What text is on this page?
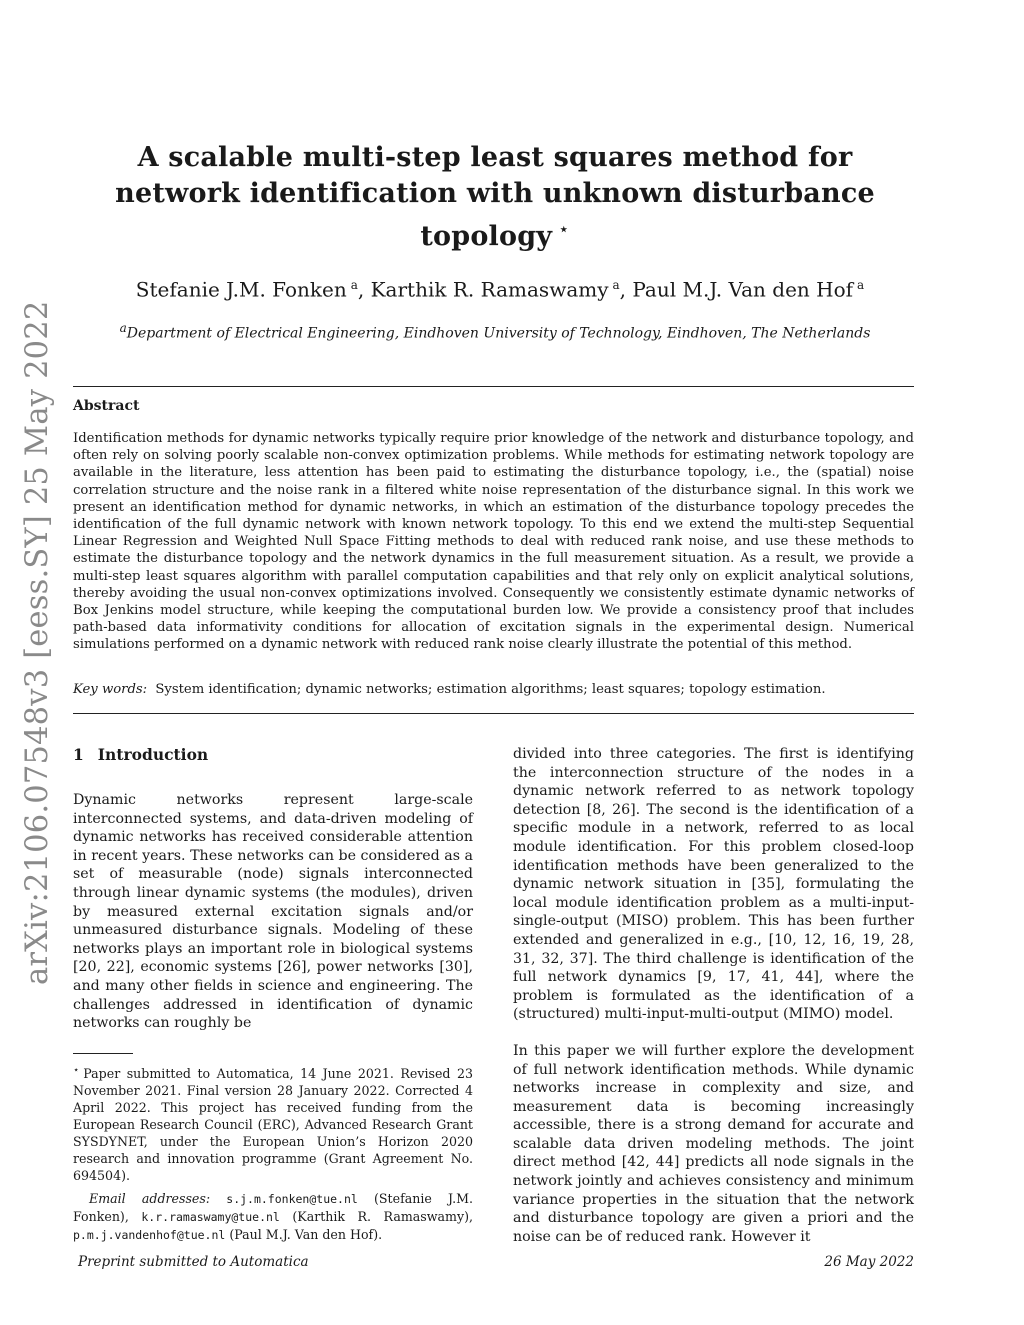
arXiv:2106.07548v3 [eess.SY] 25 May 2022
A scalable multi-step least squares method for network identification with unknown disturbance topology ⋆
Stefanie J.M. Fonken  $^a$, Karthik R. Ramaswamy  $^a$, Paul M.J. Van den Hof  $^a$
aDepartment of Electrical Engineering, Eindhoven University of Technology, Eindhoven, The Netherlands
Abstract

Identification methods for dynamic networks typically require prior knowledge of the network and disturbance topology, and often rely on solving poorly scalable non-convex optimization problems. While methods for estimating network topology are available in the literature, less attention has been paid to estimating the disturbance topology, i.e., the (spatial) noise correlation structure and the noise rank in a filtered white noise representation of the disturbance signal. In this work we present an identification method for dynamic networks, in which an estimation of the disturbance topology precedes the identification of the full dynamic network with known network topology. To this end we extend the multi-step Sequential Linear Regression and Weighted Null Space Fitting methods to deal with reduced rank noise, and use these methods to estimate the disturbance topology and the network dynamics in the full measurement situation. As a result, we provide a multi-step least squares algorithm with parallel computation capabilities and that rely only on explicit analytical solutions, thereby avoiding the usual non-convex optimizations involved. Consequently we consistently estimate dynamic networks of Box Jenkins model structure, while keeping the computational burden low. We provide a consistency proof that includes path-based data informativity conditions for allocation of excitation signals in the experimental design. Numerical simulations performed on a dynamic network with reduced rank noise clearly illustrate the potential of this method.

Key words: System identification; dynamic networks; estimation algorithms; least squares; topology estimation.
1 Introduction

Dynamic networks represent large-scale interconnected systems, and data-driven modeling of dynamic networks has received considerable attention in recent years. These networks can be considered as a set of measurable (node) signals interconnected through linear dynamic systems (the modules), driven by measured external excitation signals and/or unmeasured disturbance signals. Modeling of these networks plays an important role in biological systems [20, 22], economic systems [26], power networks [30], and many other fields in science and engineering. The challenges addressed in identification of dynamic networks can roughly be

⋆ Paper submitted to Automatica, 14 June 2021. Revised 23 November 2021. Final version 28 January 2022. Corrected 4 April 2022. This project has received funding from the European Research Council (ERC), Advanced Research Grant SYSDYNET, under the European Union’s Horizon 2020 research and innovation programme (Grant Agreement No. 694504).

Email addresses: s.j.m.fonken@tue.nl (Stefanie J.M. Fonken), k.r.ramaswamy@tue.nl (Karthik R. Ramaswamy), p.m.j.vandenhof@tue.nl (Paul M.J. Van den Hof).

divided into three categories. The first is identifying the interconnection structure of the nodes in a dynamic network referred to as network topology detection [8, 26]. The second is the identification of a specific module in a network, referred to as local module identification. For this problem closed-loop identification methods have been generalized to the dynamic network situation in [35], formulating the local module identification problem as a multi-input-single-output (MISO) problem. This has been further extended and generalized in e.g., [10, 12, 16, 19, 28, 31, 32, 37]. The third challenge is identification of the full network dynamics [9, 17, 41, 44], where the problem is formulated as the identification of a (structured) multi-input-multi-output (MIMO) model.

In this paper we will further explore the development of full network identification methods. While dynamic networks increase in complexity and size, and measurement data is becoming increasingly accessible, there is a strong demand for accurate and scalable data driven modeling methods. The joint direct method [42, 44] predicts all node signals in the network jointly and achieves consistency and minimum variance properties in the situation that the network and disturbance topology are given a priori and the noise can be of reduced rank. However it

Preprint submitted to Automatica	26 May 2022
